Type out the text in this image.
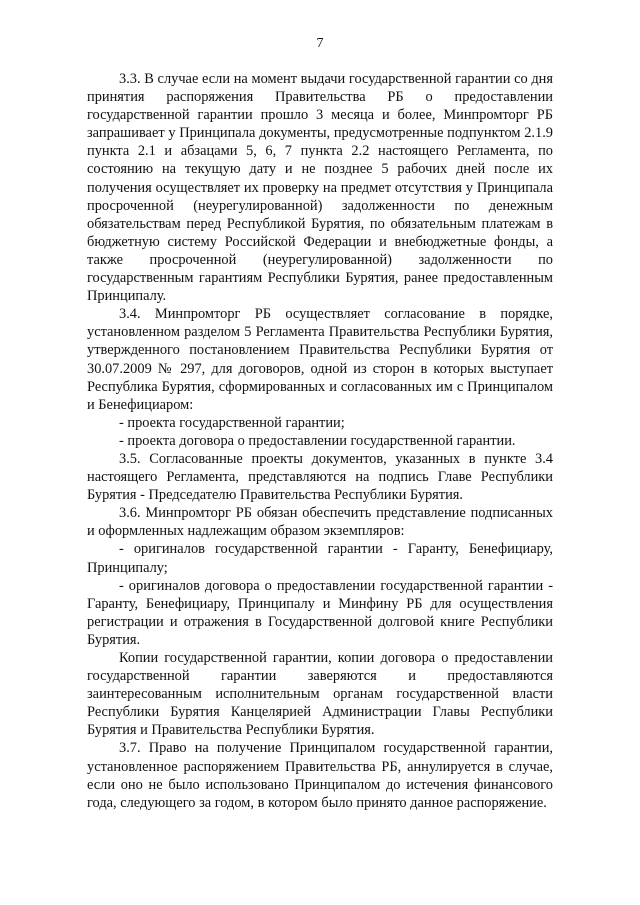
7

3.3. В случае если на момент выдачи государственной гарантии со дня принятия распоряжения Правительства РБ о предоставлении государственной гарантии прошло 3 месяца и более, Минпромторг РБ запрашивает у Принципала документы, предусмотренные подпунктом 2.1.9 пункта 2.1 и абзацами 5, 6, 7 пункта 2.2 настоящего Регламента, по состоянию на текущую дату и не позднее 5 рабочих дней после их получения осуществляет их проверку на предмет отсутствия у Принципала просроченной (неурегулированной) задолженности по денежным обязательствам перед Республикой Бурятия, по обязательным платежам в бюджетную систему Российской Федерации и внебюджетные фонды, а также просроченной (неурегулированной) задолженности по государственным гарантиям Республики Бурятия, ранее предоставленным Принципалу.

3.4. Минпромторг РБ осуществляет согласование в порядке, установленном разделом 5 Регламента Правительства Республики Бурятия, утвержденного постановлением Правительства Республики Бурятия от 30.07.2009 № 297, для договоров, одной из сторон в которых выступает Республика Бурятия, сформированных и согласованных им с Принципалом и Бенефициаром:

- проекта государственной гарантии;

- проекта договора о предоставлении государственной гарантии.

3.5. Согласованные проекты документов, указанных в пункте 3.4 настоящего Регламента, представляются на подпись Главе Республики Бурятия - Председателю Правительства Республики Бурятия.

3.6. Минпромторг РБ обязан обеспечить представление подписанных и оформленных надлежащим образом экземпляров:

- оригиналов государственной гарантии - Гаранту, Бенефициару, Принципалу;

- оригиналов договора о предоставлении государственной гарантии - Гаранту, Бенефициару, Принципалу и Минфину РБ для осуществления регистрации и отражения в Государственной долговой книге Республики Бурятия.

Копии государственной гарантии, копии договора о предоставлении государственной гарантии заверяются и предоставляются заинтересованным исполнительным органам государственной власти Республики Бурятия Канцелярией Администрации Главы Республики Бурятия и Правительства Республики Бурятия.

3.7. Право на получение Принципалом государственной гарантии, установленное распоряжением Правительства РБ, аннулируется в случае, если оно не было использовано Принципалом до истечения финансового года, следующего за годом, в котором было принято данное распоряжение.
